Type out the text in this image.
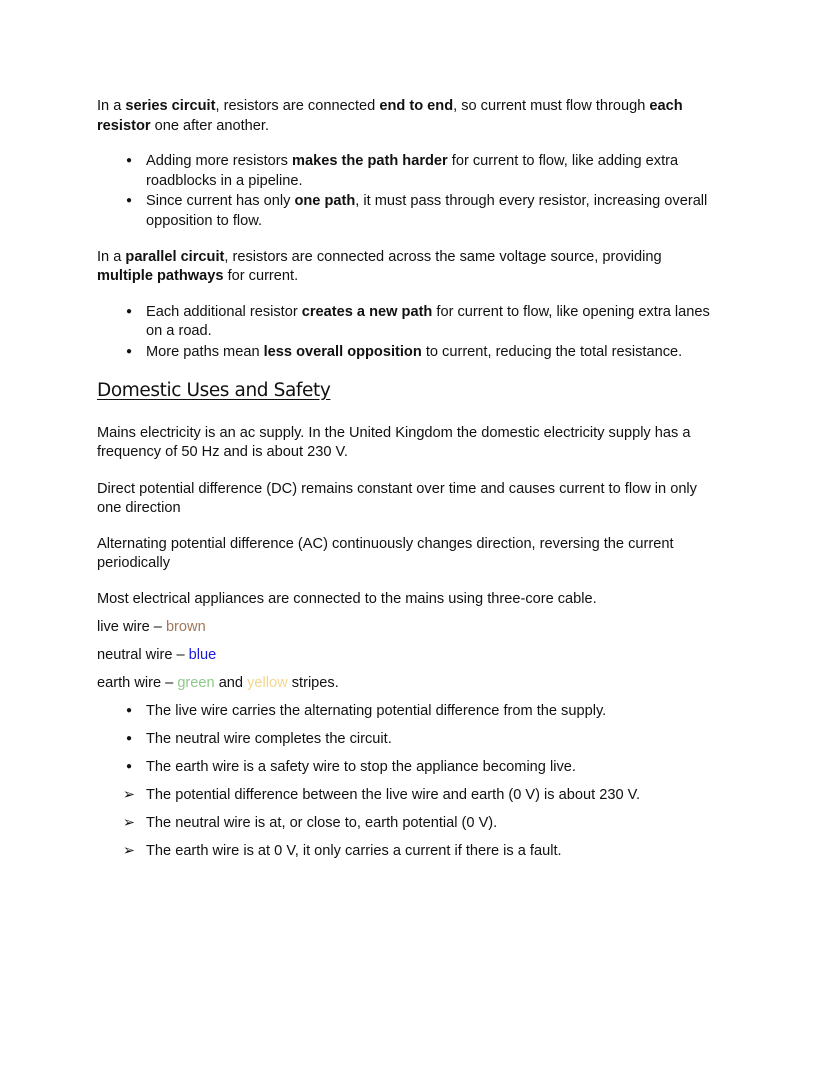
Domestic Uses and Safety
In a series circuit, resistors are connected end to end, so current must flow through each
resistor one after another.
● Adding more resistors makes the path harder for current to flow, like adding extra
roadblocks in a pipeline.
● Since current has only one path, it must pass through every resistor, increasing overall
opposition to flow.
In a parallel circuit, resistors are connected across the same voltage source, providing
multiple pathways for current.
● Each additional resistor creates a new path for current to flow, like opening extra lanes
on a road.
● More paths mean less overall opposition to current, reducing the total resistance.
Mains electricity is an ac supply. In the United Kingdom the domestic electricity supply has a
frequency of 50 Hz and is about 230 V.
Direct potential difference (DC) remains constant over time and causes current to flow in only
one direction
Alternating potential difference (AC) continuously changes direction, reversing the current
periodically
Most electrical appliances are connected to the mains using three-core cable.
live wire – brown
neutral wire – blue
earth wire – green and yellow stripes.
● The live wire carries the alternating potential difference from the supply.
● The neutral wire completes the circuit.
● The earth wire is a safety wire to stop the appliance becoming live.
➢ The potential difference between the live wire and earth (0 V) is about 230 V.
➢ The neutral wire is at, or close to, earth potential (0 V).
➢ The earth wire is at 0 V, it only carries a current if there is a fault.
